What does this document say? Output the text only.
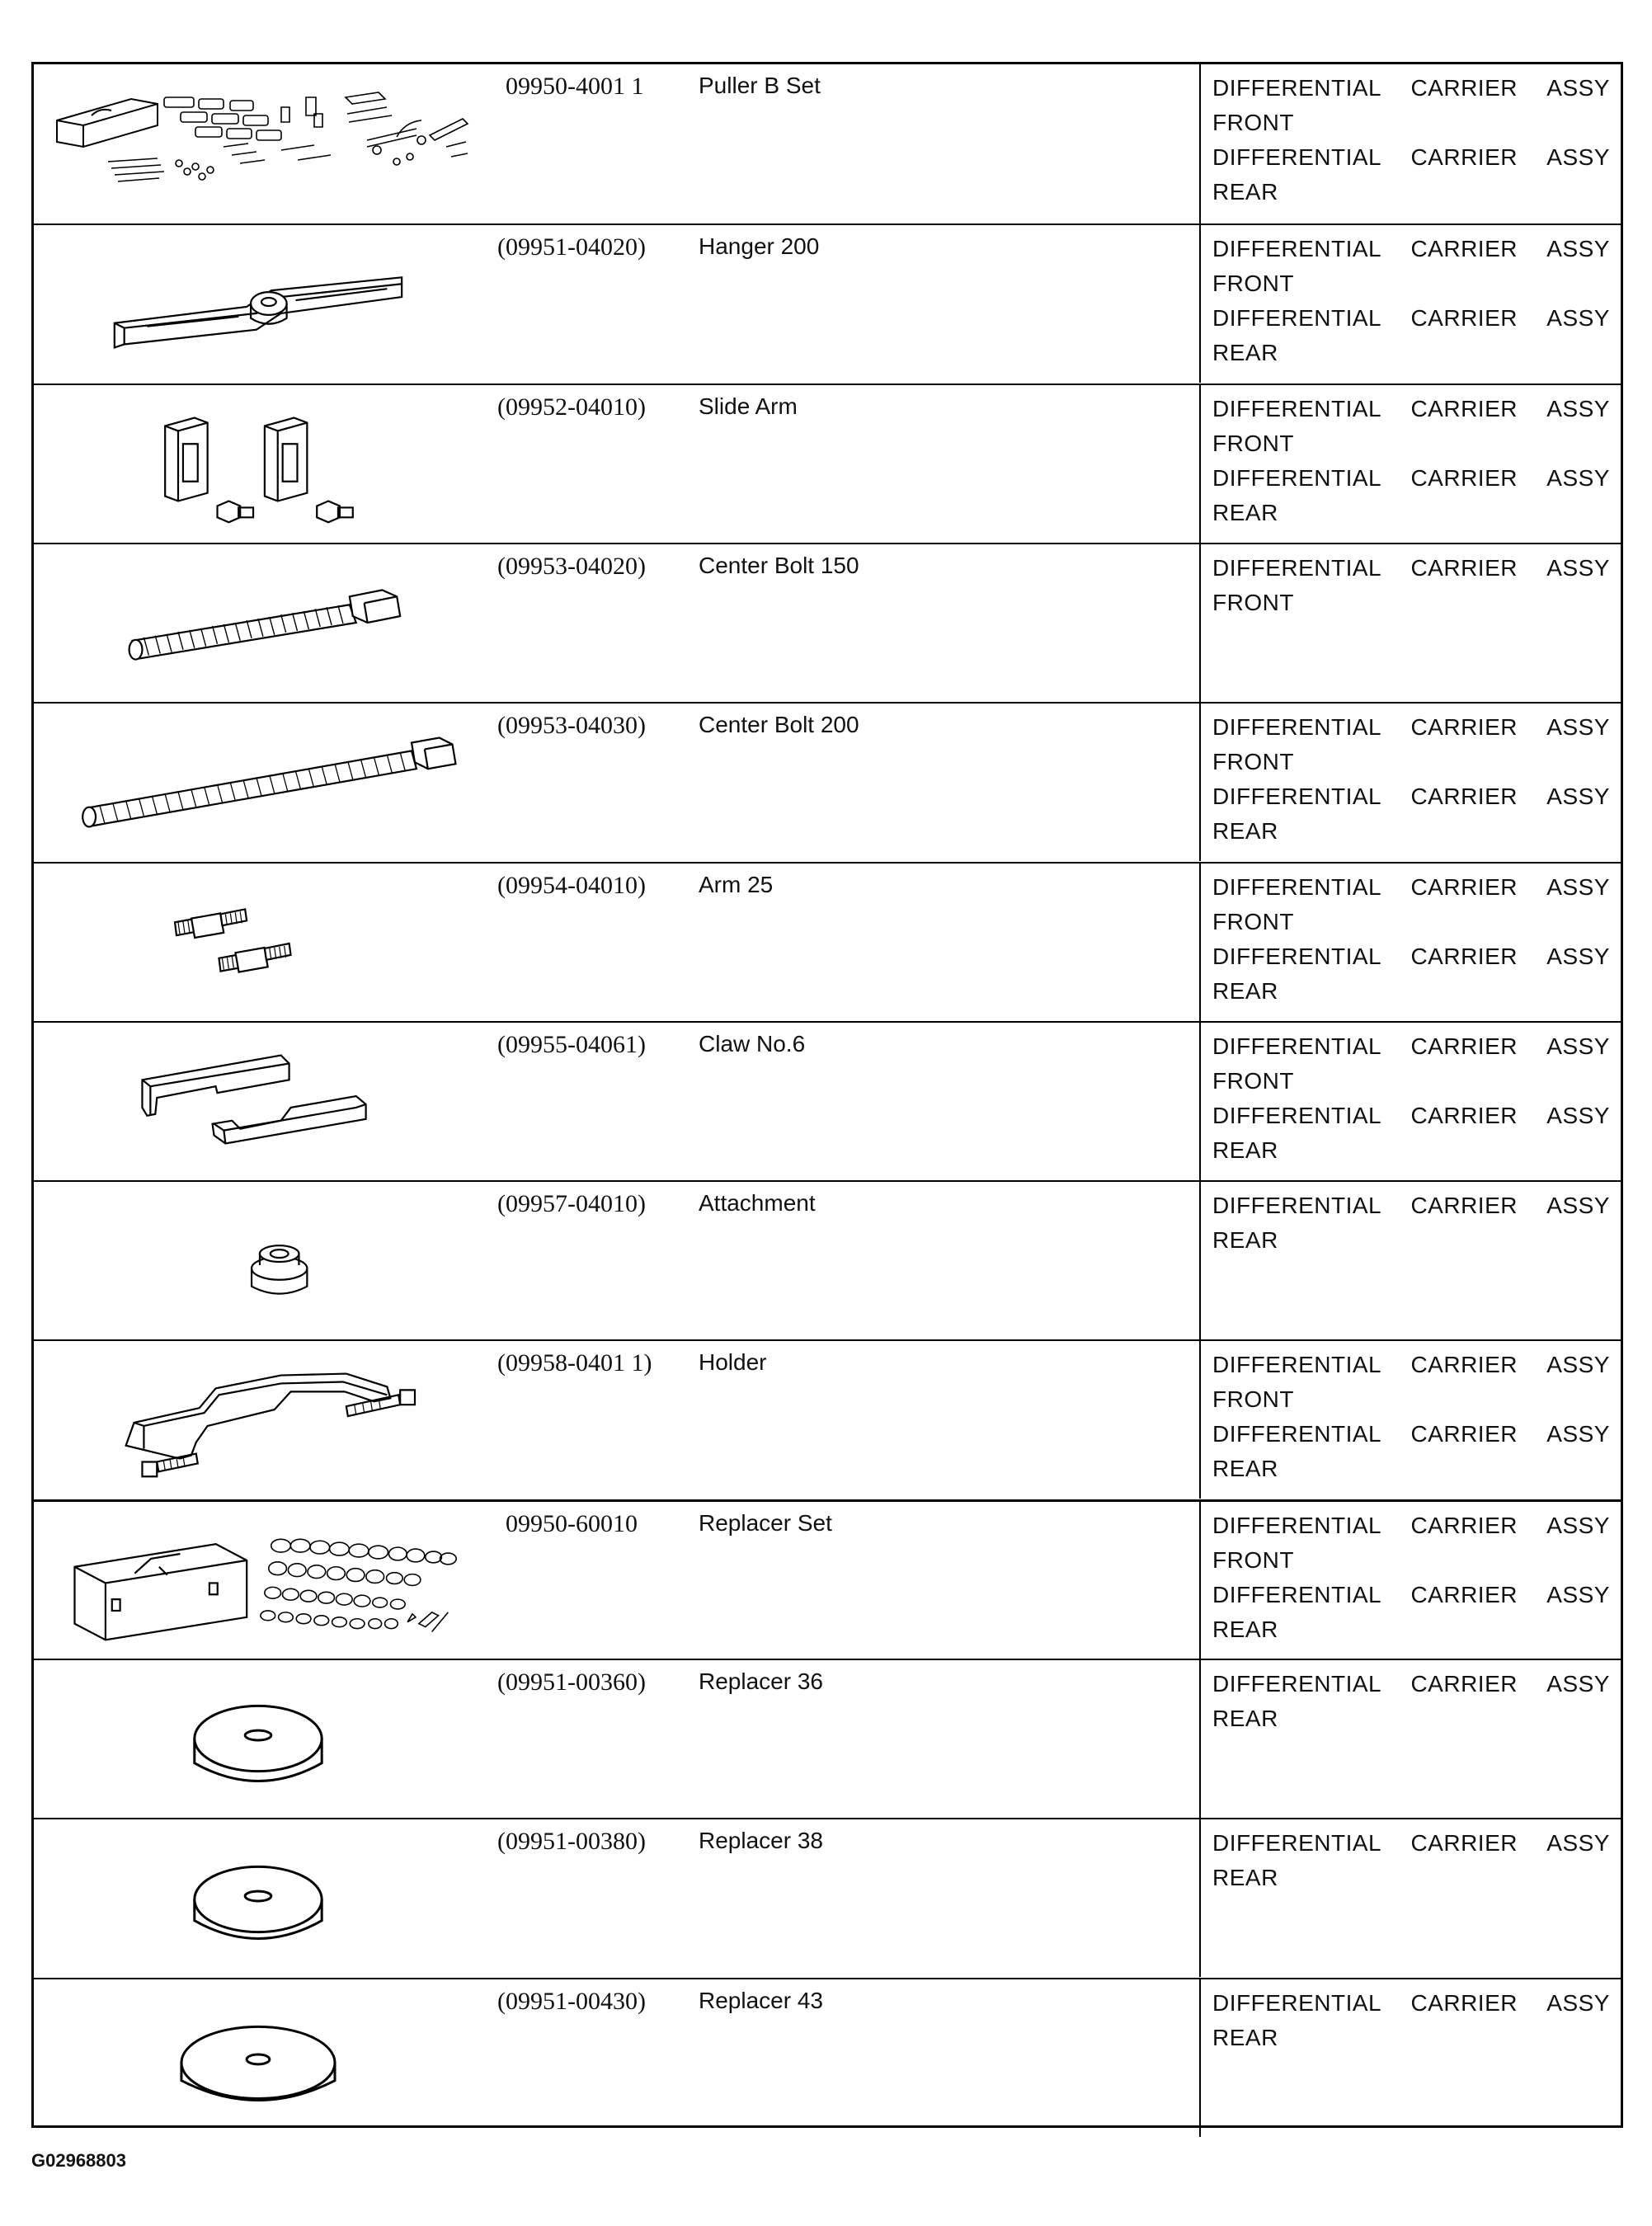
09950-4001 1 Puller B Set	DIFFERENTIAL CARRIER ASSY
FRONT
DIFFERENTIAL CARRIER ASSY
REAR
(09951-04020) Hanger 200	DIFFERENTIAL CARRIER ASSY
FRONT
DIFFERENTIAL CARRIER ASSY
REAR
(09952-04010) Slide Arm	DIFFERENTIAL CARRIER ASSY
FRONT
DIFFERENTIAL CARRIER ASSY
REAR
(09953-04020) Center Bolt 150	DIFFERENTIAL CARRIER ASSY
FRONT
(09953-04030) Center Bolt 200	DIFFERENTIAL CARRIER ASSY
FRONT
DIFFERENTIAL CARRIER ASSY
REAR
(09954-04010) Arm 25	DIFFERENTIAL CARRIER ASSY
FRONT
DIFFERENTIAL CARRIER ASSY
REAR
(09955-04061) Claw No.6	DIFFERENTIAL CARRIER ASSY
FRONT
DIFFERENTIAL CARRIER ASSY
REAR
(09957-04010) Attachment	DIFFERENTIAL CARRIER ASSY
REAR
(09958-0401 1) Holder	DIFFERENTIAL CARRIER ASSY
FRONT
DIFFERENTIAL CARRIER ASSY
REAR
09950-60010	Replacer Set	DIFFERENTIAL CARRIER ASSY
FRONT
DIFFERENTIAL CARRIER ASSY
REAR
(09951-00360) Replacer 36	DIFFERENTIAL CARRIER ASSY
REAR
(09951-00380) Replacer 38	DIFFERENTIAL CARRIER ASSY
REAR
(09951-00430) Replacer 43	DIFFERENTIAL CARRIER ASSY
REAR
G02968803
